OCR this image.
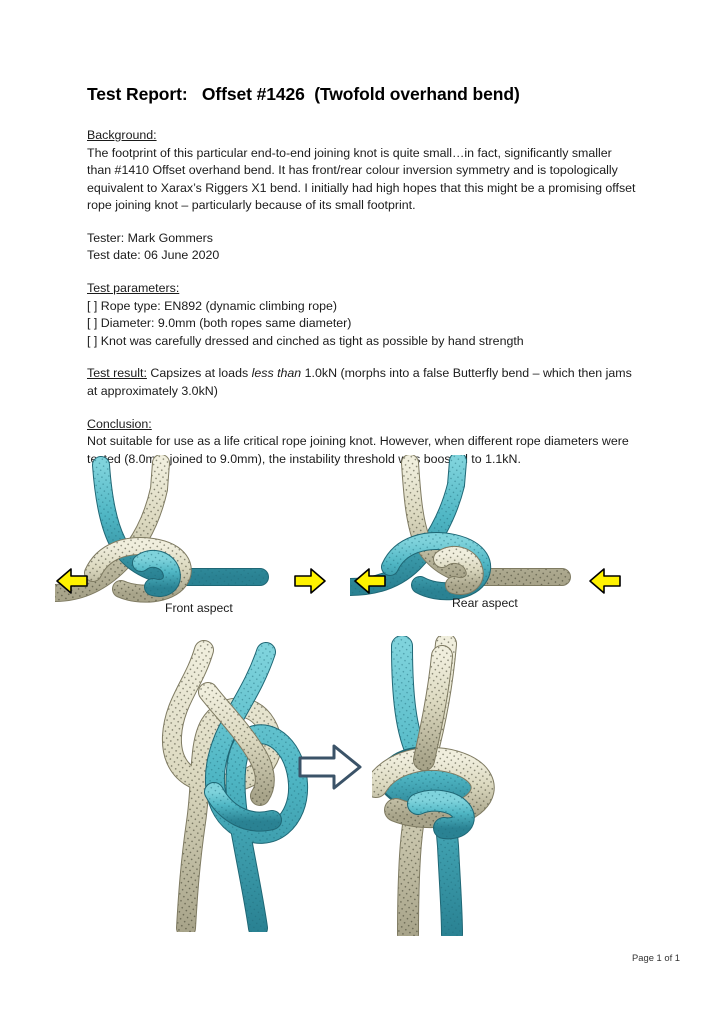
Test Report:   Offset #1426  (Twofold overhand bend)
Background:
The footprint of this particular end-to-end joining knot is quite small…in fact, significantly smaller than #1410 Offset overhand bend. It has front/rear colour inversion symmetry and is topologically equivalent to Xarax’s Riggers X1 bend. I initially had high hopes that this might be a promising offset rope joining knot – particularly because of its small footprint.
Tester: Mark Gommers
Test date: 06 June 2020
Test parameters:
[ ] Rope type: EN892 (dynamic climbing rope)
[ ] Diameter: 9.0mm (both ropes same diameter)
[ ] Knot was carefully dressed and cinched as tight as possible by hand strength
Test result: Capsizes at loads less than 1.0kN (morphs into a false Butterfly bend – which then jams at approximately 3.0kN)
Conclusion:
Not suitable for use as a life critical rope joining knot. However, when different rope diameters were tested (8.0mm joined to 9.0mm), the instability threshold was boosted to 1.1kN.
Front aspect	Rear aspect
Page 1 of 1
